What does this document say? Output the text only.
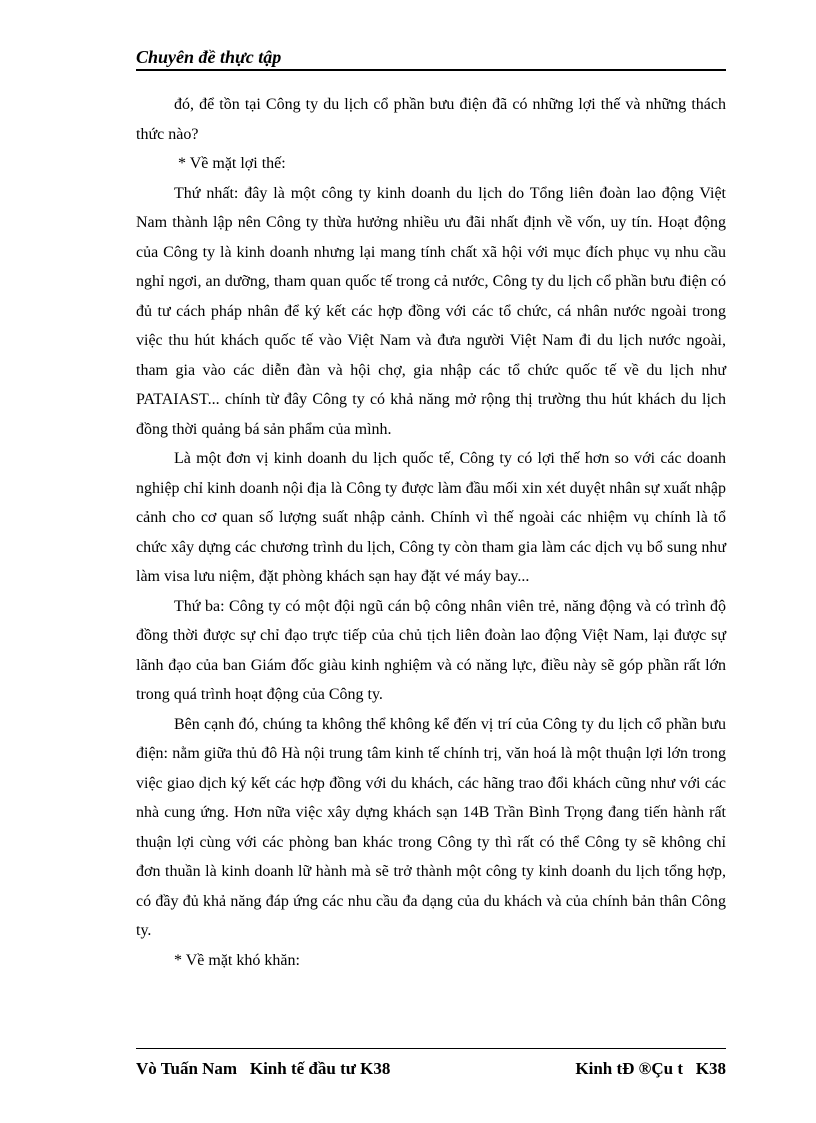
Chuyên đề thực tập

đó, để tồn tại Công ty du lịch cổ phần bưu điện đã có những lợi thế và những thách thức nào?

* Về mặt lợi thế:

Thứ nhất: đây là một công ty kinh doanh du lịch do Tổng liên đoàn lao động Việt Nam thành lập nên Công ty thừa hưởng nhiều ưu đãi nhất định về vốn, uy tín. Hoạt động của Công ty là kinh doanh nhưng lại mang tính chất xã hội với mục đích phục vụ nhu cầu nghỉ ngơi, an dưỡng, tham quan quốc tế trong cả nước, Công ty du lịch cổ phần bưu điện có đủ tư cách pháp nhân để ký kết các hợp đồng với các tổ chức, cá nhân nước ngoài trong việc thu hút khách quốc tế vào Việt Nam và đưa người Việt Nam đi du lịch nước ngoài, tham gia vào các diễn đàn và hội chợ, gia nhập các tổ chức quốc tế về du lịch như PATAIAST... chính từ đây Công ty có khả năng mở rộng thị trường thu hút khách du lịch đồng thời quảng bá sản phẩm của mình.

Là một đơn vị kinh doanh du lịch quốc tế, Công ty có lợi thế hơn so với các doanh nghiệp chỉ kinh doanh nội địa là Công ty được làm đầu mối xin xét duyệt nhân sự xuất nhập cảnh cho cơ quan số lượng suất nhập cảnh. Chính vì thế ngoài các nhiệm vụ chính là tổ chức xây dựng các chương trình du lịch, Công ty còn tham gia làm các dịch vụ bổ sung như làm visa lưu niệm, đặt phòng khách sạn hay đặt vé máy bay...

Thứ ba: Công ty có một đội ngũ cán bộ công nhân viên trẻ, năng động và có trình độ đồng thời được sự chỉ đạo trực tiếp của chủ tịch liên đoàn lao động Việt Nam, lại được sự lãnh đạo của ban Giám đốc giàu kinh nghiệm và có năng lực, điều này sẽ góp phần rất lớn trong quá trình hoạt động của Công ty.

Bên cạnh đó, chúng ta không thể không kể đến vị trí của Công ty du lịch cổ phần bưu điện: nằm giữa thủ đô Hà nội trung tâm kinh tế chính trị, văn hoá là một thuận lợi lớn trong việc giao dịch ký kết các hợp đồng với du khách, các hãng trao đổi khách cũng như với các nhà cung ứng. Hơn nữa việc xây dựng khách sạn 14B Trần Bình Trọng đang tiến hành rất thuận lợi cùng với các phòng ban khác trong Công ty thì rất có thể Công ty sẽ không chỉ đơn thuần là kinh doanh lữ hành mà sẽ trở thành một công ty kinh doanh du lịch tổng hợp, có đầy đủ khả năng đáp ứng các nhu cầu đa dạng của du khách và của chính bản thân Công ty.

* Về mặt khó khăn:

Vò Tuấn Nam   Kinh tế đầu tư K38	Kinh tÐ ®Çu t   K38
